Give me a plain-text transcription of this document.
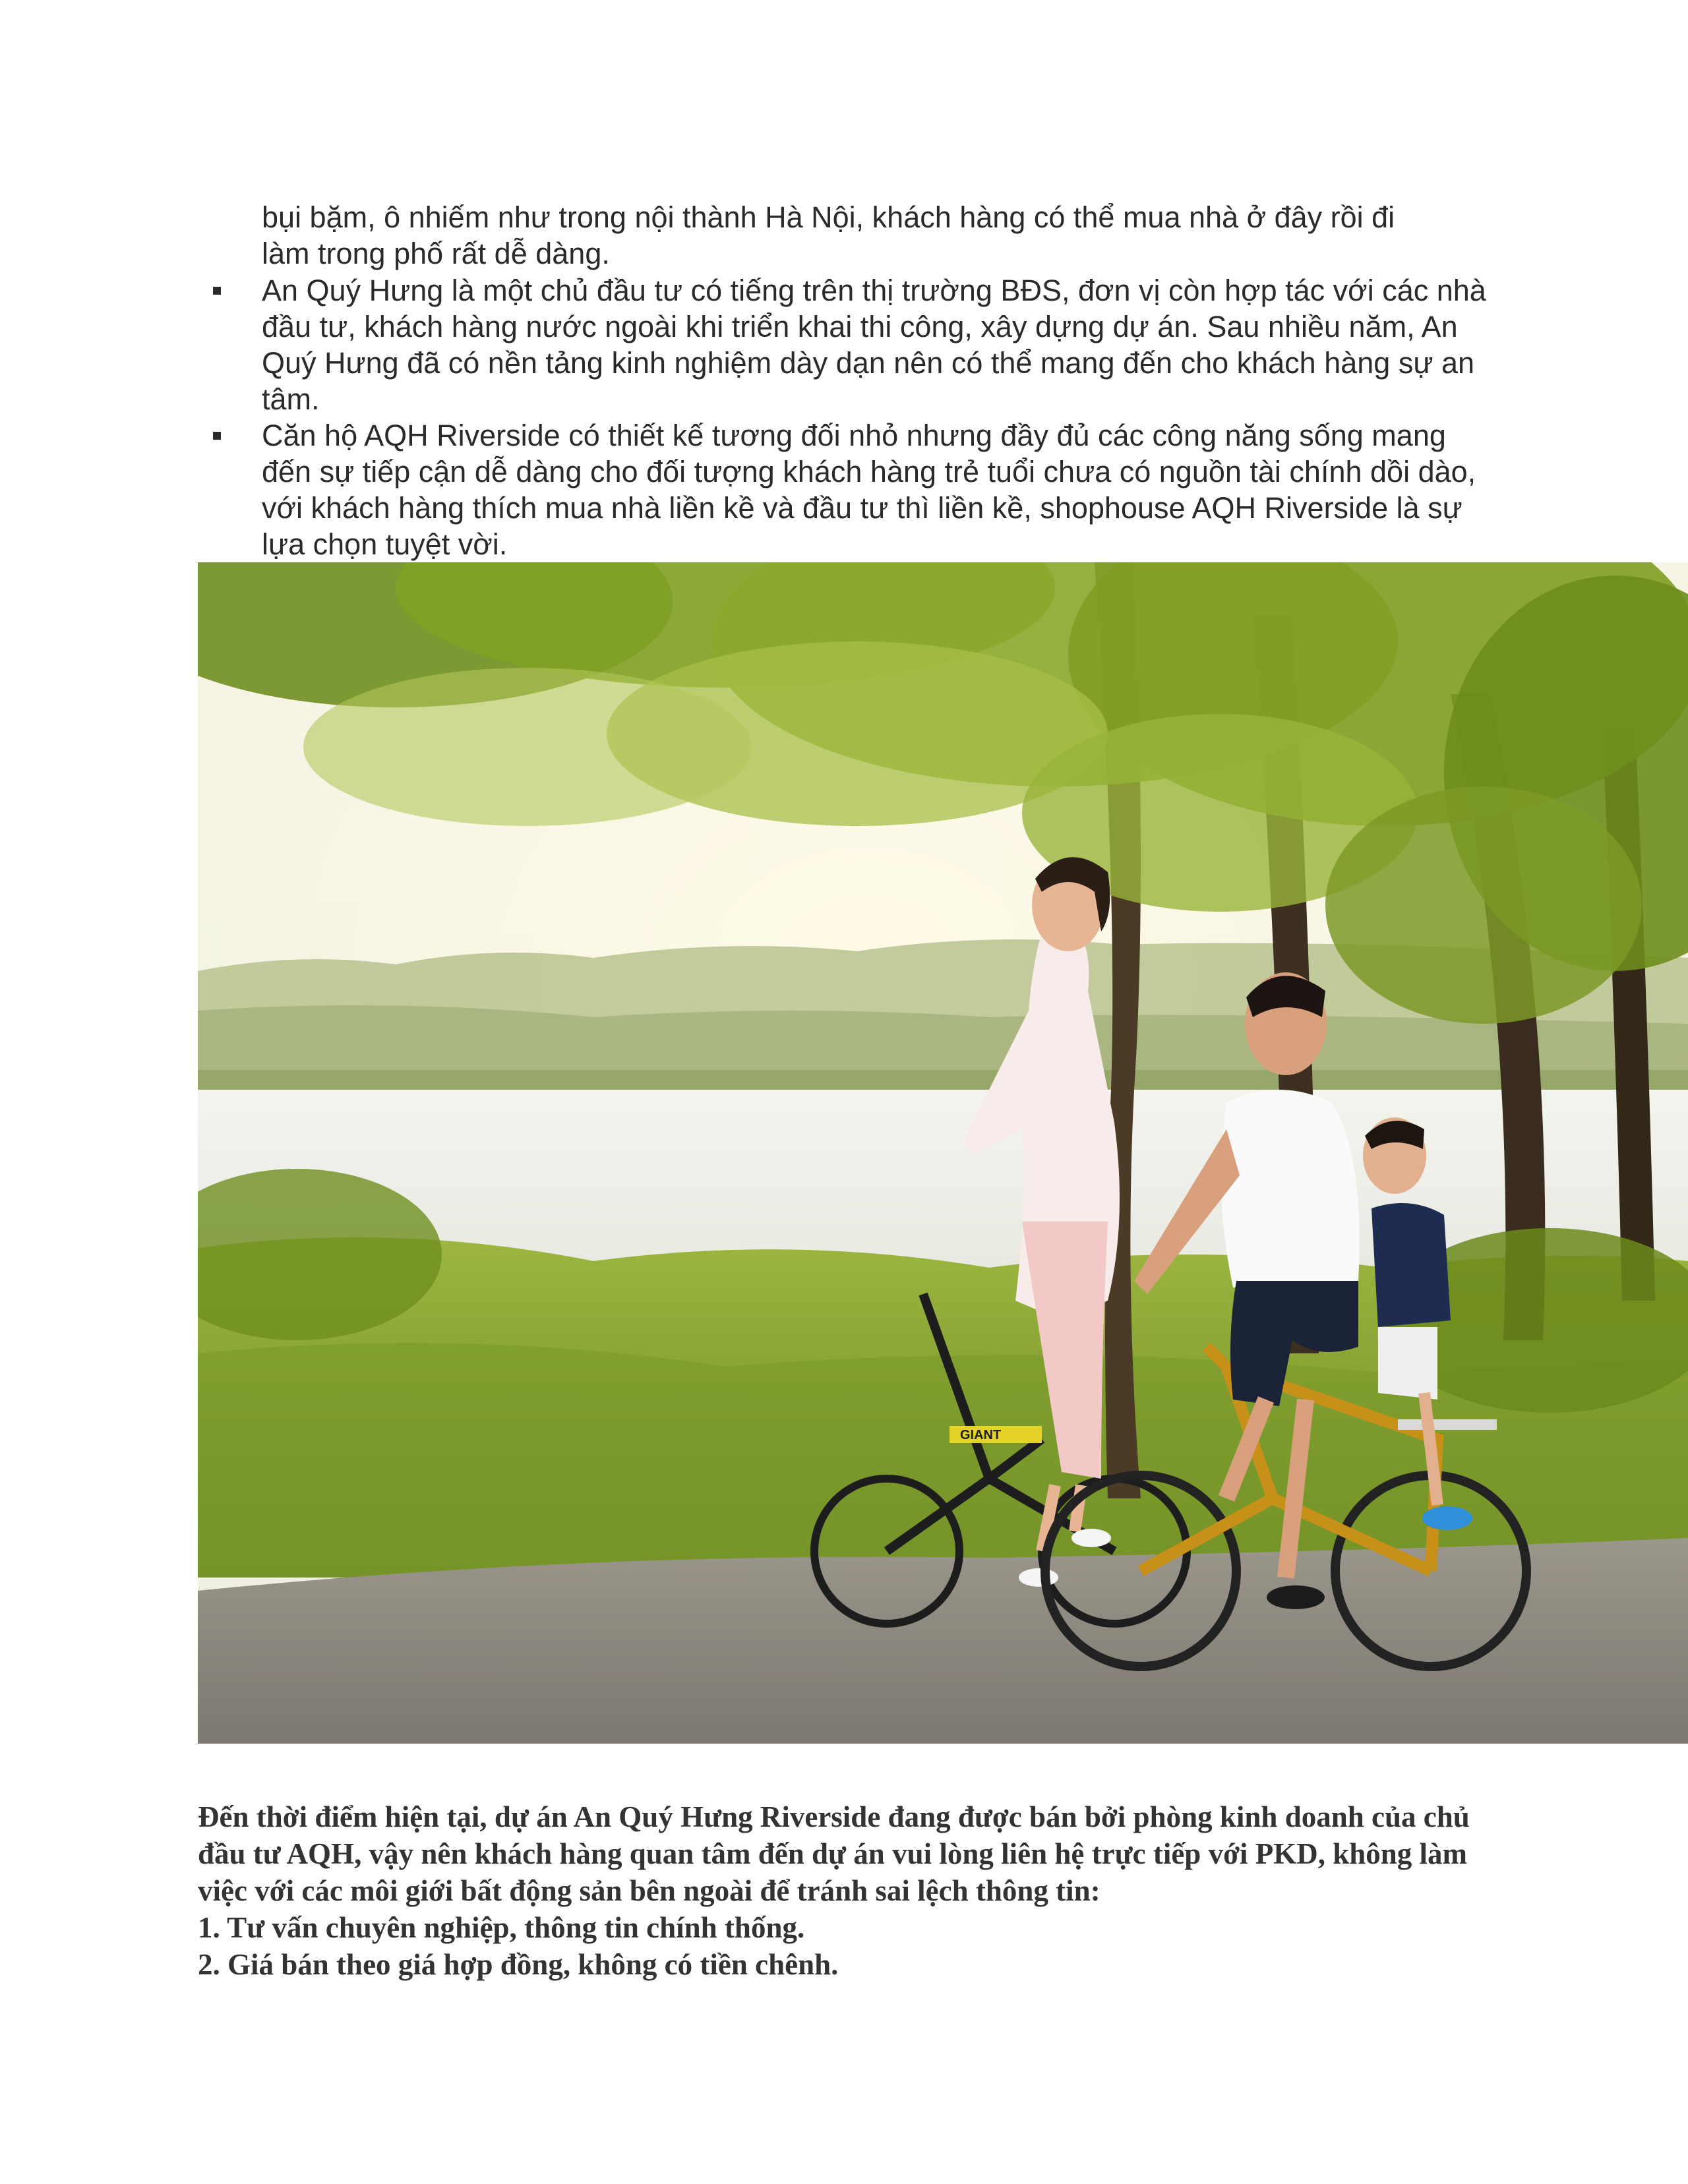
bụi bặm, ô nhiếm như trong nội thành Hà Nội, khách hàng có thể mua nhà ở đây rồi đi
làm trong phố rất dễ dàng.
An Quý Hưng là một chủ đầu tư có tiếng trên thị trường BĐS, đơn vị còn hợp tác với các nhà đầu tư, khách hàng nước ngoài khi triển khai thi công, xây dựng dự án. Sau nhiều năm, An Quý Hưng đã có nền tảng kinh nghiệm dày dạn nên có thể mang đến cho khách hàng sự an tâm.
Căn hộ AQH Riverside có thiết kế tương đối nhỏ nhưng đầy đủ các công năng sống mang đến sự tiếp cận dễ dàng cho đối tượng khách hàng trẻ tuổi chưa có nguồn tài chính dồi dào, với khách hàng thích mua nhà liền kề và đầu tư thì liền kề, shophouse AQH Riverside là sự lựa chọn tuyệt vời.
GIANT

Đến thời điểm hiện tại, dự án An Quý Hưng Riverside đang được bán bởi phòng kinh doanh của chủ đầu tư AQH, vậy nên khách hàng quan tâm đến dự án vui lòng liên hệ trực tiếp với PKD, không làm việc với các môi giới bất động sản bên ngoài để tránh sai lệch thông tin:

1. Tư vấn chuyên nghiệp, thông tin chính thống.

2. Giá bán theo giá hợp đồng, không có tiền chênh.
